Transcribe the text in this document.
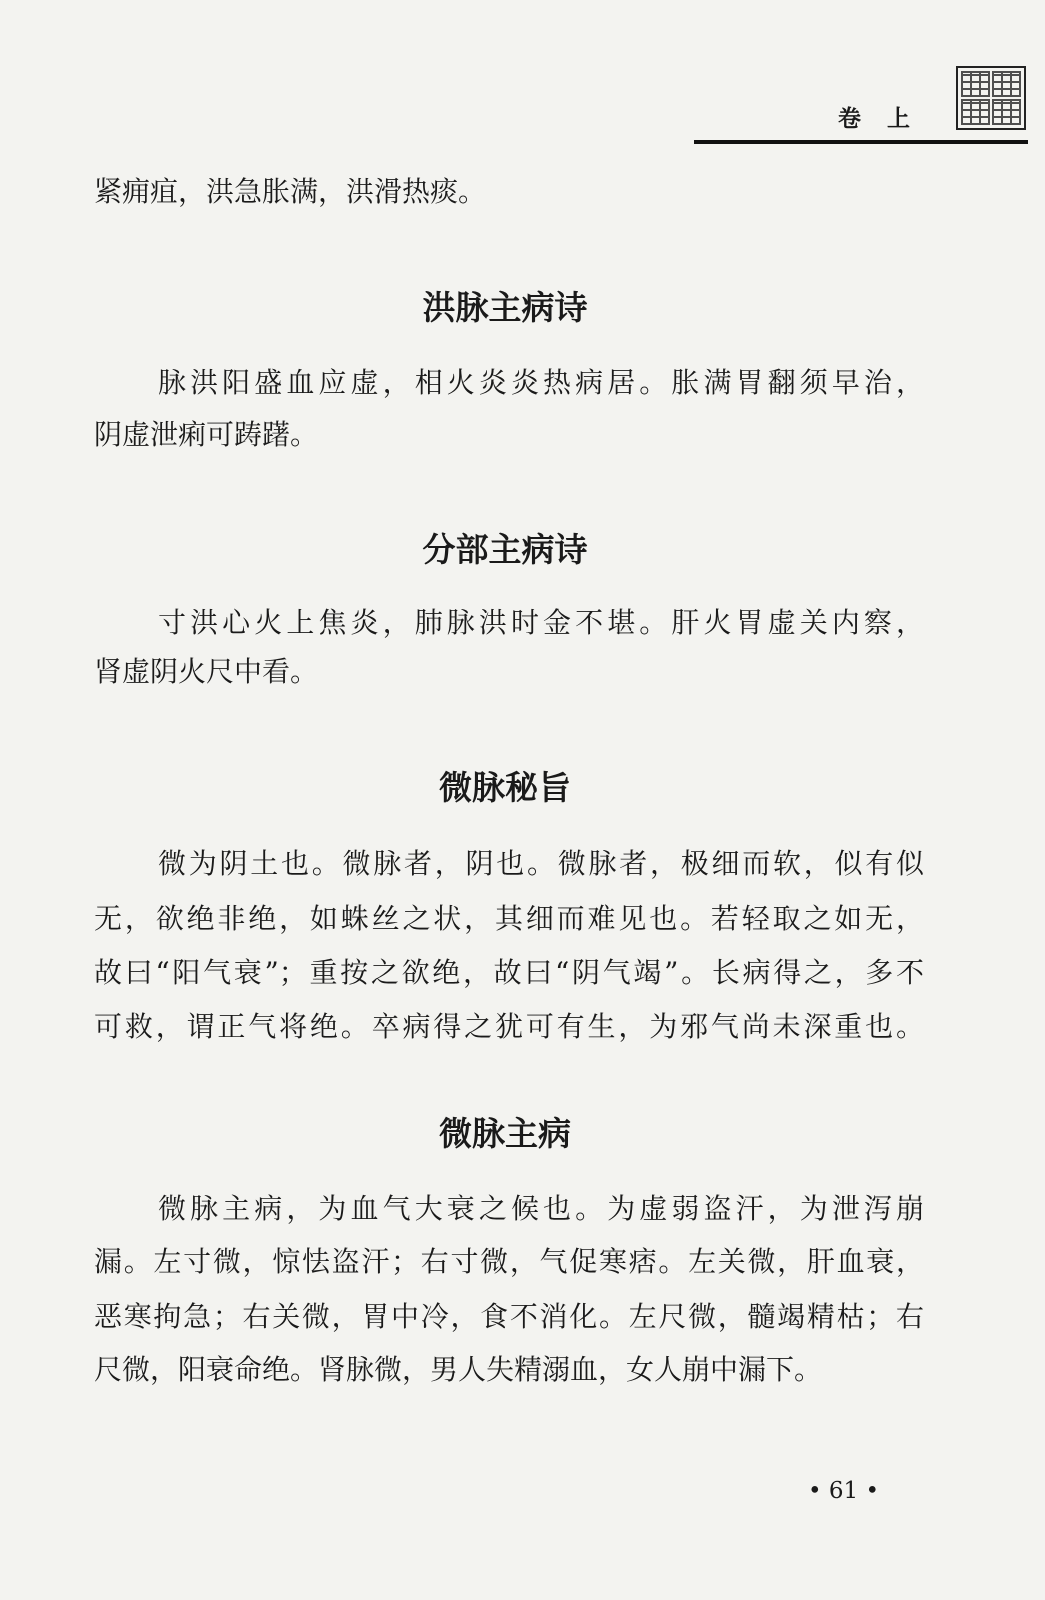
卷上
紧痈疽，洪急胀满，洪滑热痰。
洪脉主病诗
脉洪阳盛血应虚，相火炎炎热病居。胀满胃翻须早治，
阴虚泄痢可踌躇。
分部主病诗
寸洪心火上焦炎，肺脉洪时金不堪。肝火胃虚关内察，
肾虚阴火尺中看。
微脉秘旨
微为阴土也。微脉者，阴也。微脉者，极细而软，似有似
无，欲绝非绝，如蛛丝之状，其细而难见也。若轻取之如无，
故曰“阳气衰”；重按之欲绝，故曰“阴气竭”。长病得之，多不
可救，谓正气将绝。卒病得之犹可有生，为邪气尚未深重也。
微脉主病
微脉主病，为血气大衰之候也。为虚弱盗汗，为泄泻崩
漏。左寸微，惊怯盗汗；右寸微，气促寒痞。左关微，肝血衰，
恶寒拘急；右关微，胃中冷，食不消化。左尺微，髓竭精枯；右
尺微，阳衰命绝。肾脉微，男人失精溺血，女人崩中漏下。
• 61 •
